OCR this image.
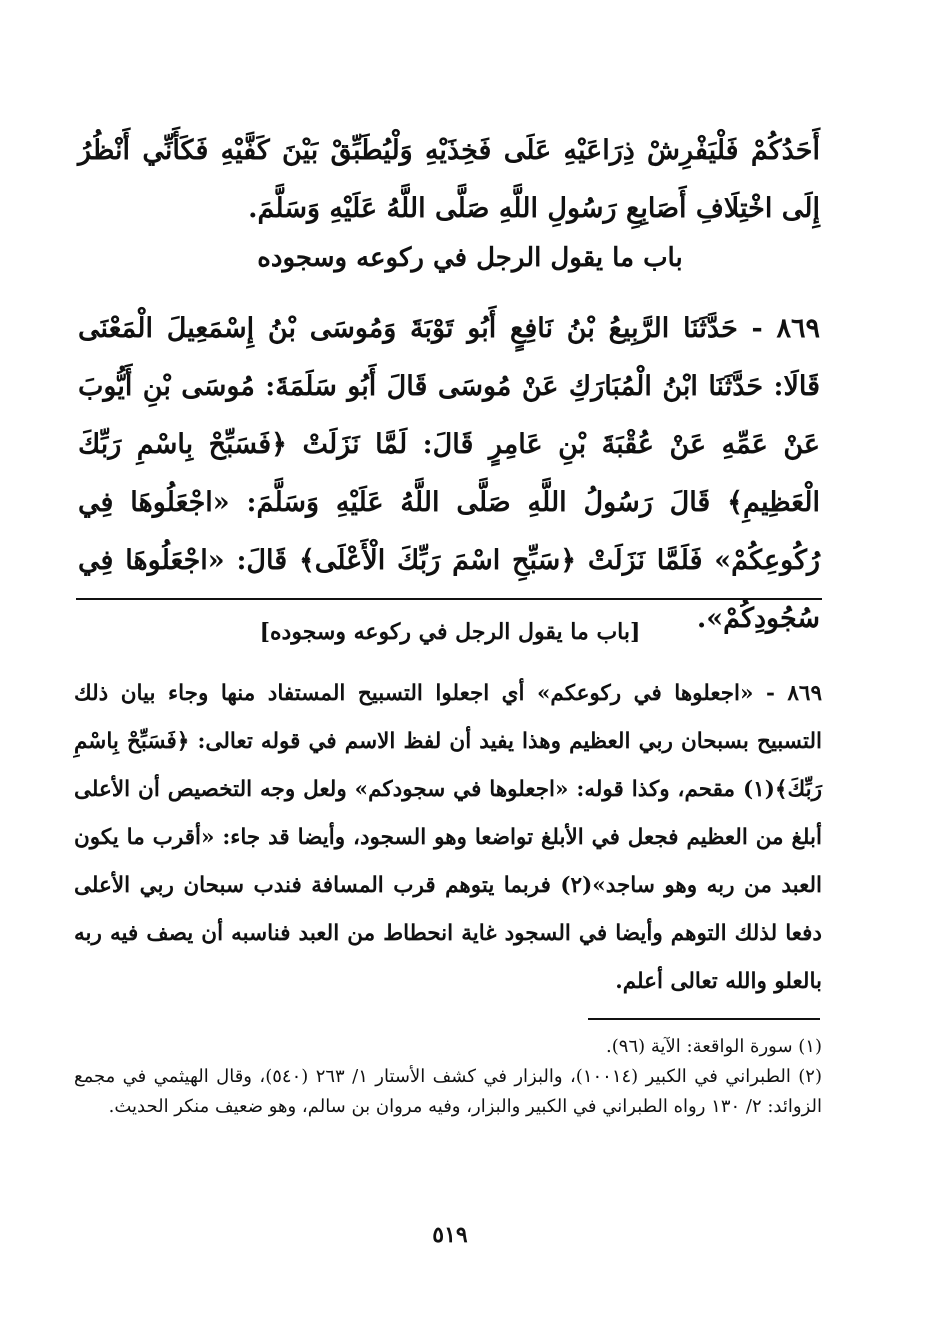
أَحَدُكُمْ فَلْيَفْرِشْ ذِرَاعَيْهِ عَلَى فَخِذَيْهِ وَلْيُطَبِّقْ بَيْنَ كَفَّيْهِ فَكَأَنِّي أَنْظُرُ إِلَى اخْتِلَافِ أَصَابِعِ رَسُولِ اللَّهِ صَلَّى اللَّهُ عَلَيْهِ وَسَلَّمَ.

باب ما يقول الرجل في ركوعه وسجوده

٨٦٩ - حَدَّثَنَا الرَّبِيعُ بْنُ نَافِعٍ أَبُو تَوْبَةَ وَمُوسَى بْنُ إِسْمَعِيلَ الْمَعْنَى قَالَا: حَدَّثَنَا ابْنُ الْمُبَارَكِ عَنْ مُوسَى قَالَ أَبُو سَلَمَةَ: مُوسَى بْنِ أَيُّوبَ عَنْ عَمِّهِ عَنْ عُقْبَةَ بْنِ عَامِرٍ قَالَ: لَمَّا نَزَلَتْ ﴿فَسَبِّحْ بِاسْمِ رَبِّكَ الْعَظِيمِ﴾ قَالَ رَسُولُ اللَّهِ صَلَّى اللَّهُ عَلَيْهِ وَسَلَّمَ: «اجْعَلُوهَا فِي رُكُوعِكُمْ» فَلَمَّا نَزَلَتْ ﴿سَبِّحِ اسْمَ رَبِّكَ الْأَعْلَى﴾ قَالَ: «اجْعَلُوهَا فِي سُجُودِكُمْ».

[باب ما يقول الرجل في ركوعه وسجوده]

٨٦٩ - «اجعلوها في ركوعكم» أي اجعلوا التسبيح المستفاد منها وجاء بيان ذلك التسبيح بسبحان ربي العظيم وهذا يفيد أن لفظ الاسم في قوله تعالى: ﴿فَسَبِّحْ بِاسْمِ رَبِّكَ﴾(١) مقحم، وكذا قوله: «اجعلوها في سجودكم» ولعل وجه التخصيص أن الأعلى أبلغ من العظيم فجعل في الأبلغ تواضعا وهو السجود، وأيضا قد جاء: «أقرب ما يكون العبد من ربه وهو ساجد»(٢) فربما يتوهم قرب المسافة فندب سبحان ربي الأعلى دفعا لذلك التوهم وأيضا في السجود غاية انحطاط من العبد فناسبه أن يصف فيه ربه بالعلو والله تعالى أعلم.

(١) سورة الواقعة: الآية (٩٦).

(٢) الطبراني في الكبير (١٠٠١٤)، والبزار في كشف الأستار ١/ ٢٦٣ (٥٤٠)، وقال الهيثمي في مجمع الزوائد: ٢/ ١٣٠ رواه الطبراني في الكبير والبزار، وفيه مروان بن سالم، وهو ضعيف منكر الحديث.

٥١٩
